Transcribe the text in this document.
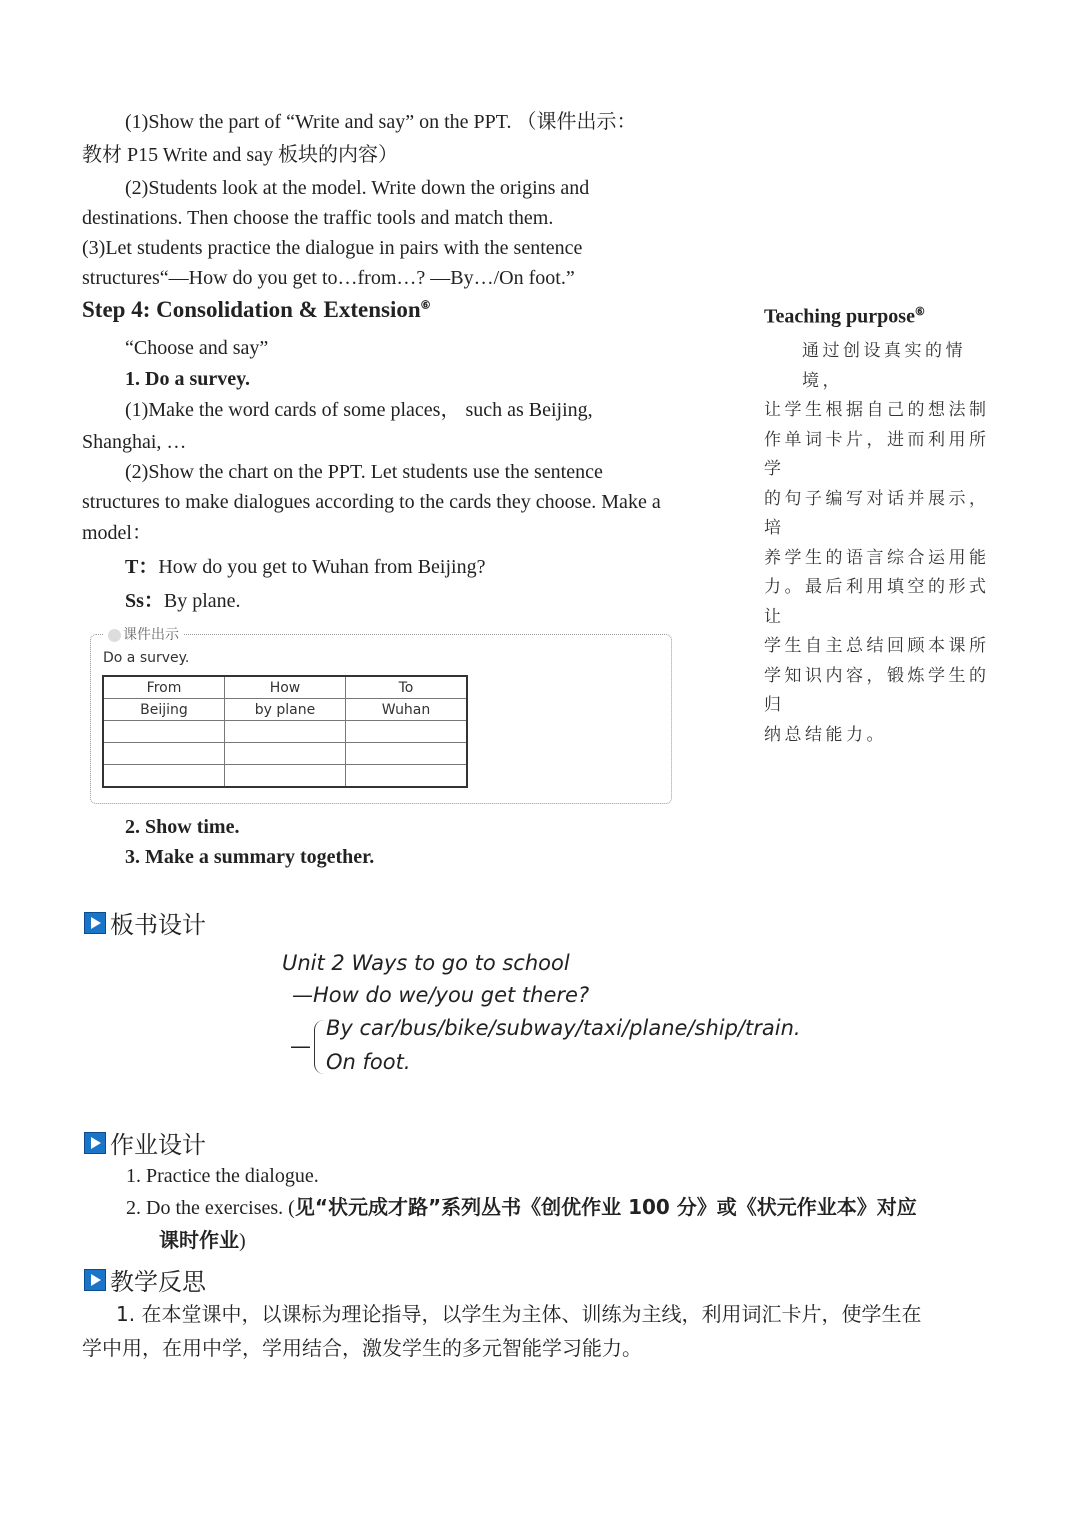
(1)Show the part of “Write and say” on the PPT. （课件出示：
教材 P15 Write and say 板块的内容）
(2)Students look at the model. Write down the origins and
destinations. Then choose the traffic tools and match them.
(3)Let students practice the dialogue in pairs with the sentence
structures“—How do you get to…from…? —By…/On foot.”
Step 4: Consolidation & Extension⑥
“Choose and say”
1. Do a survey.
(1)Make the word cards of some places， such as Beijing,
Shanghai, …
(2)Show the chart on the PPT. Let students use the sentence
structures to make dialogues according to the cards they choose. Make a
model：
T：How do you get to Wuhan from Beijing?
Ss：By plane.
课件出示
Do a survey.
From	How	To
Beijing	by plane	Wuhan

2. Show time.
3. Make a summary together.
Teaching purpose⑥
通过创设真实的情境，
让学生根据自己的想法制
作单词卡片，进而利用所学
的句子编写对话并展示，培
养学生的语言综合运用能
力。最后利用填空的形式让
学生自主总结回顾本课所
学知识内容，锻炼学生的归
纳总结能力。
板书设计
Unit 2 Ways to go to school
—How do we/you get there?
—
By car/bus/bike/subway/taxi/plane/ship/train.
On foot.
作业设计
1. Practice the dialogue.
2. Do the exercises. (见“状元成才路”系列丛书《创优作业 100 分》或《状元作业本》对应
课时作业)
教学反思
1. 在本堂课中，以课标为理论指导，以学生为主体、训练为主线，利用词汇卡片，使学生在
学中用，在用中学，学用结合，激发学生的多元智能学习能力。
